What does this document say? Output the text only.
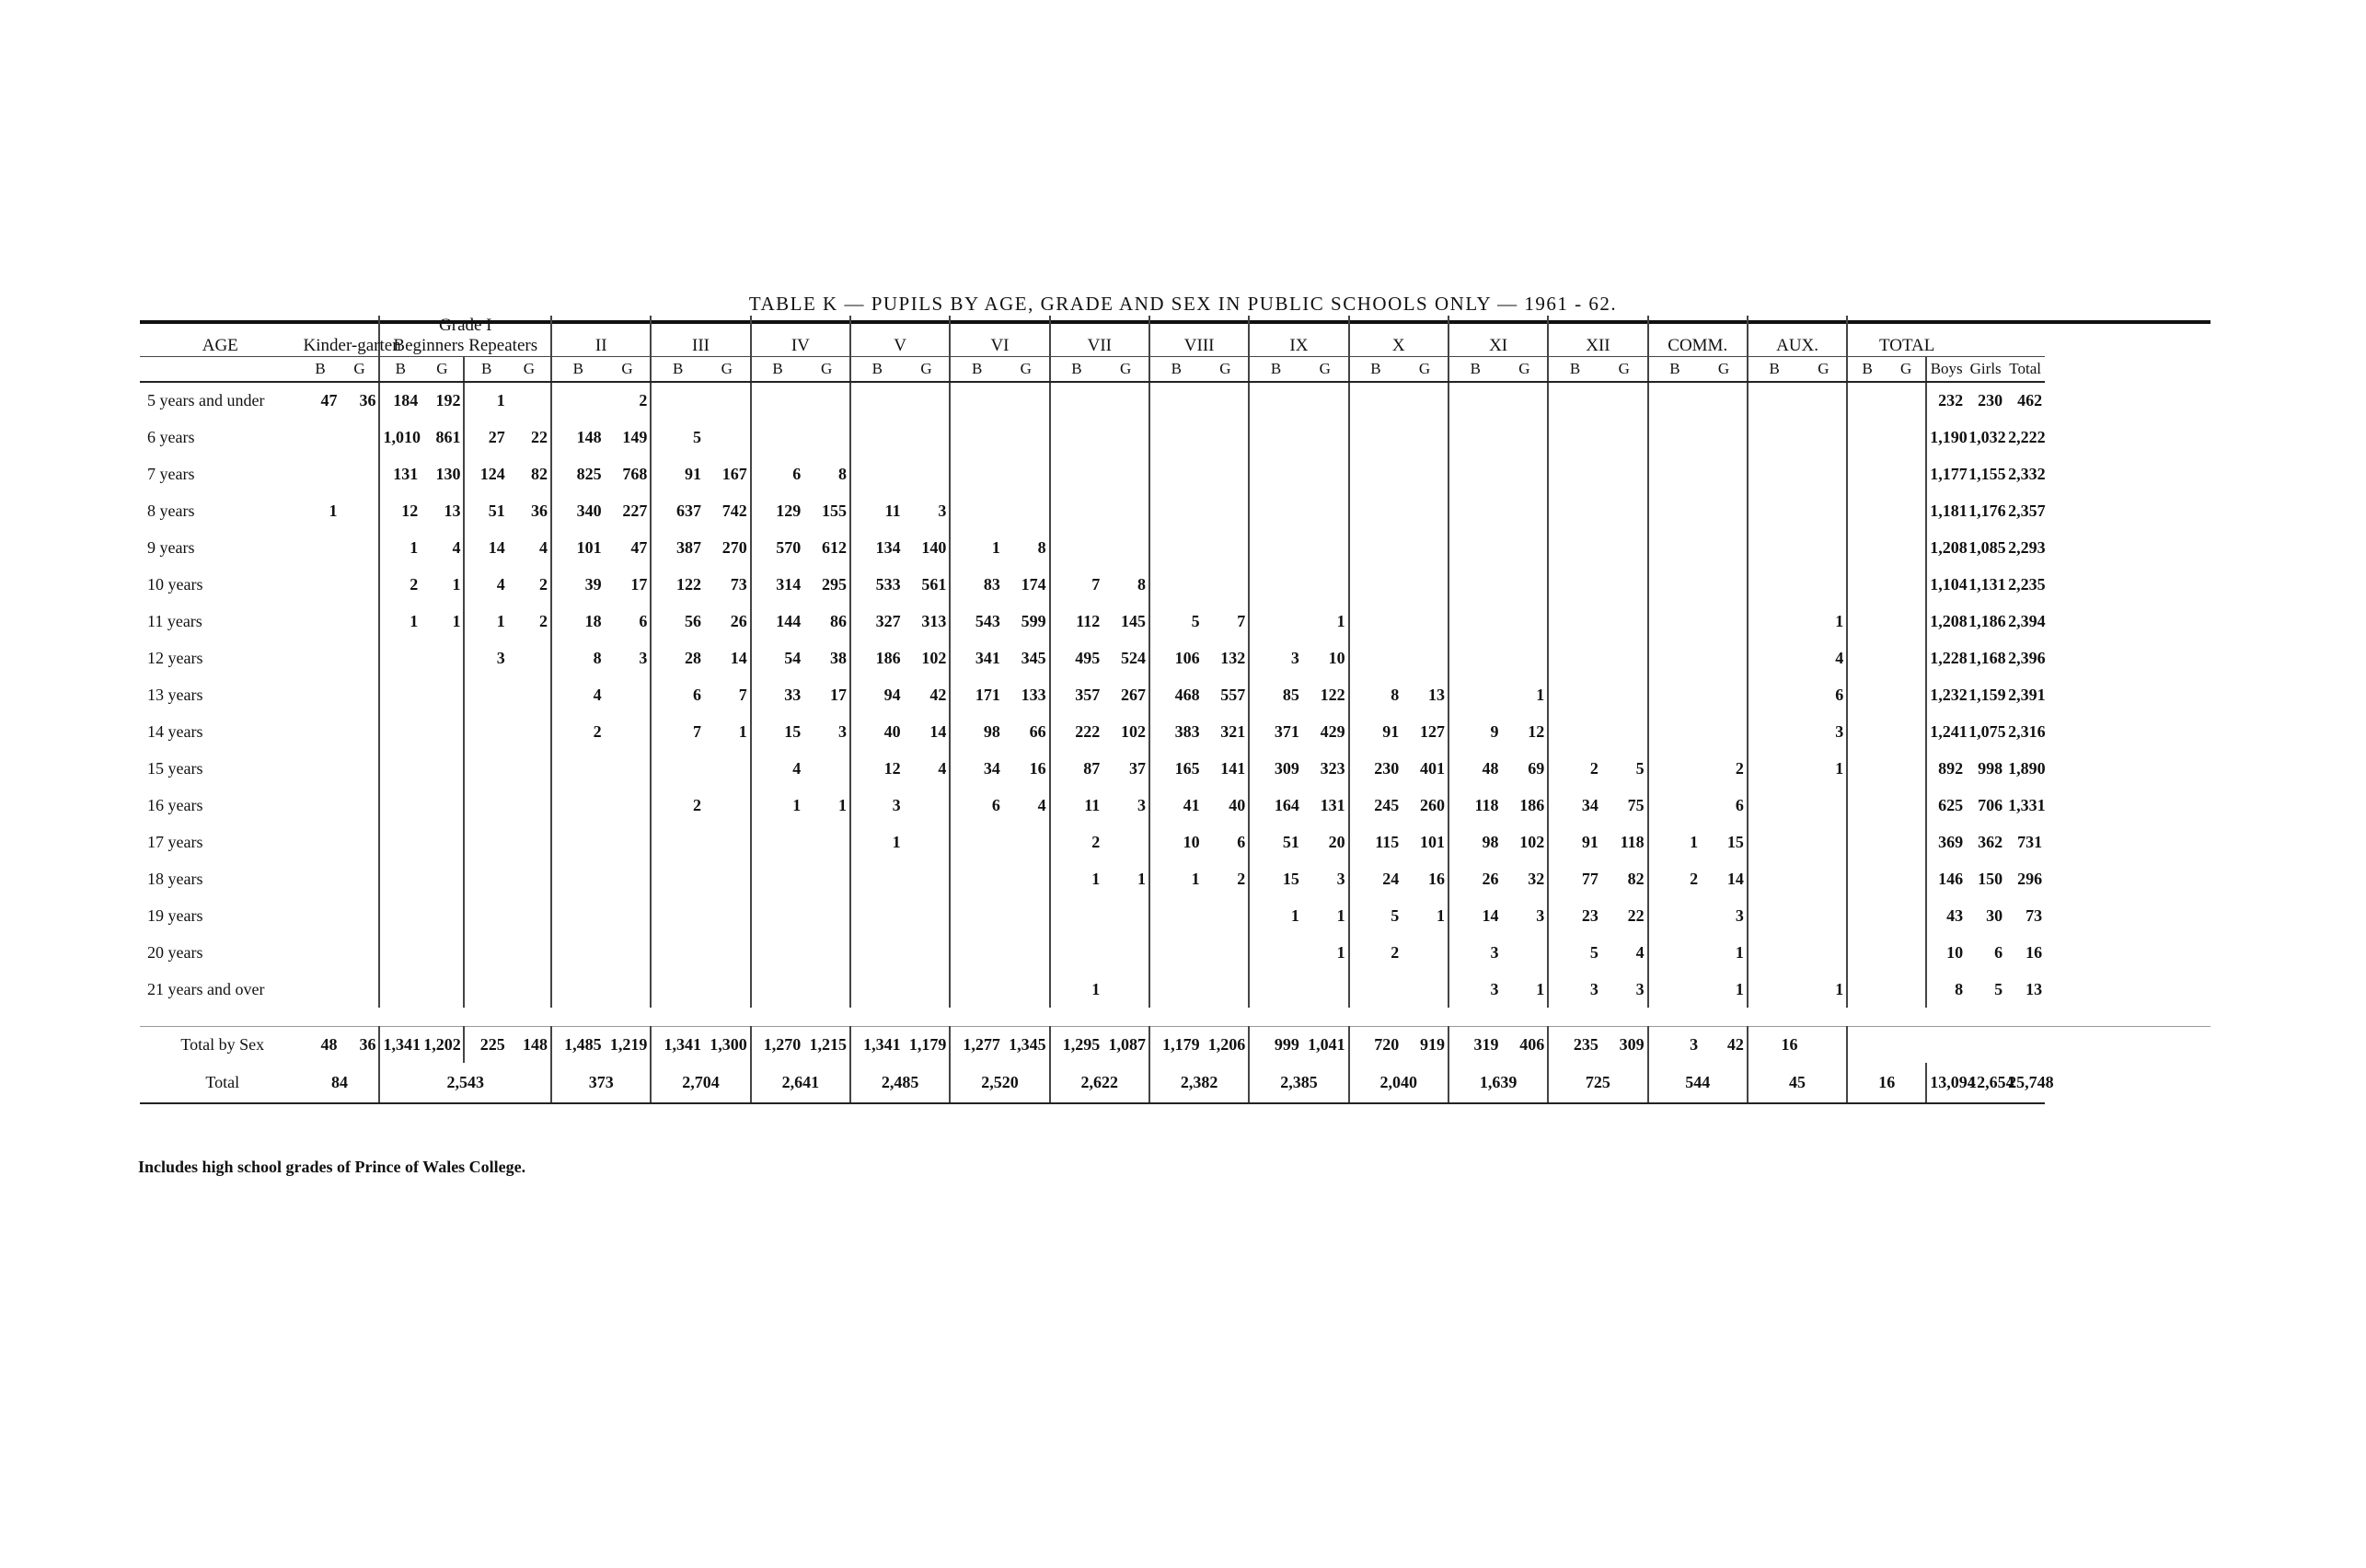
TABLE K — PUPILS BY AGE, GRADE AND SEX IN PUBLIC SCHOOLS ONLY — 1961 - 62.
AGE	Kinder-garten		Grade I
Beginners Repeaters				II		III		IV		V		VI		VII		VIII		IX		X		XI		XII		COMM.		AUX.		TOTAL				
	B	G	B	G	B	G	B	G	B	G	B	G	B	G	B	G	B	G	B	G	B	G	B	G	B	G	B	G	B	G	B	G	B	G	Boys	Girls	Total
5 years and under	47	36	184	192	1			2																											232	230	462
6 years			1,010	861	27	22	148	149	5																										1,190	1,032	2,222
7 years			131	130	124	82	825	768	91	167	6	8																							1,177	1,155	2,332
8 years	1		12	13	51	36	340	227	637	742	129	155	11	3																					1,181	1,176	2,357
9 years			1	4	14	4	101	47	387	270	570	612	134	140	1	8																			1,208	1,085	2,293
10 years			2	1	4	2	39	17	122	73	314	295	533	561	83	174	7	8																	1,104	1,131	2,235
11 years			1	1	1	2	18	6	56	26	144	86	327	313	543	599	112	145	5	7		1										1			1,208	1,186	2,394
12 years					3		8	3	28	14	54	38	186	102	341	345	495	524	106	132	3	10										4			1,228	1,168	2,396
13 years							4		6	7	33	17	94	42	171	133	357	267	468	557	85	122	8	13		1						6			1,232	1,159	2,391
14 years							2		7	1	15	3	40	14	98	66	222	102	383	321	371	429	91	127	9	12						3			1,241	1,075	2,316
15 years											4		12	4	34	16	87	37	165	141	309	323	230	401	48	69	2	5		2		1			892	998	1,890
16 years									2		1	1	3		6	4	11	3	41	40	164	131	245	260	118	186	34	75		6					625	706	1,331
17 years													1				2		10	6	51	20	115	101	98	102	91	118	1	15					369	362	731
18 years																	1	1	1	2	15	3	24	16	26	32	77	82	2	14					146	150	296
19 years																					1	1	5	1	14	3	23	22		3					43	30	73
20 years																						1	2		3		5	4		1					10	6	16
21 years and over																	1								3	1	3	3		1		1			8	5	13

Total by Sex	48	36	1,341	1,202	225	148	1,485	1,219	1,341	1,300	1,270	1,215	1,341	1,179	1,277	1,345	1,295	1,087	1,179	1,206	999	1,041	720	919	319	406	235	309	3	42	16						
Total	84		2,543				373		2,704		2,641		2,485		2,520		2,622		2,382		2,385		2,040		1,639		725		544		45		16		13,094	12,654	25,748
Includes high school grades of Prince of Wales College.
